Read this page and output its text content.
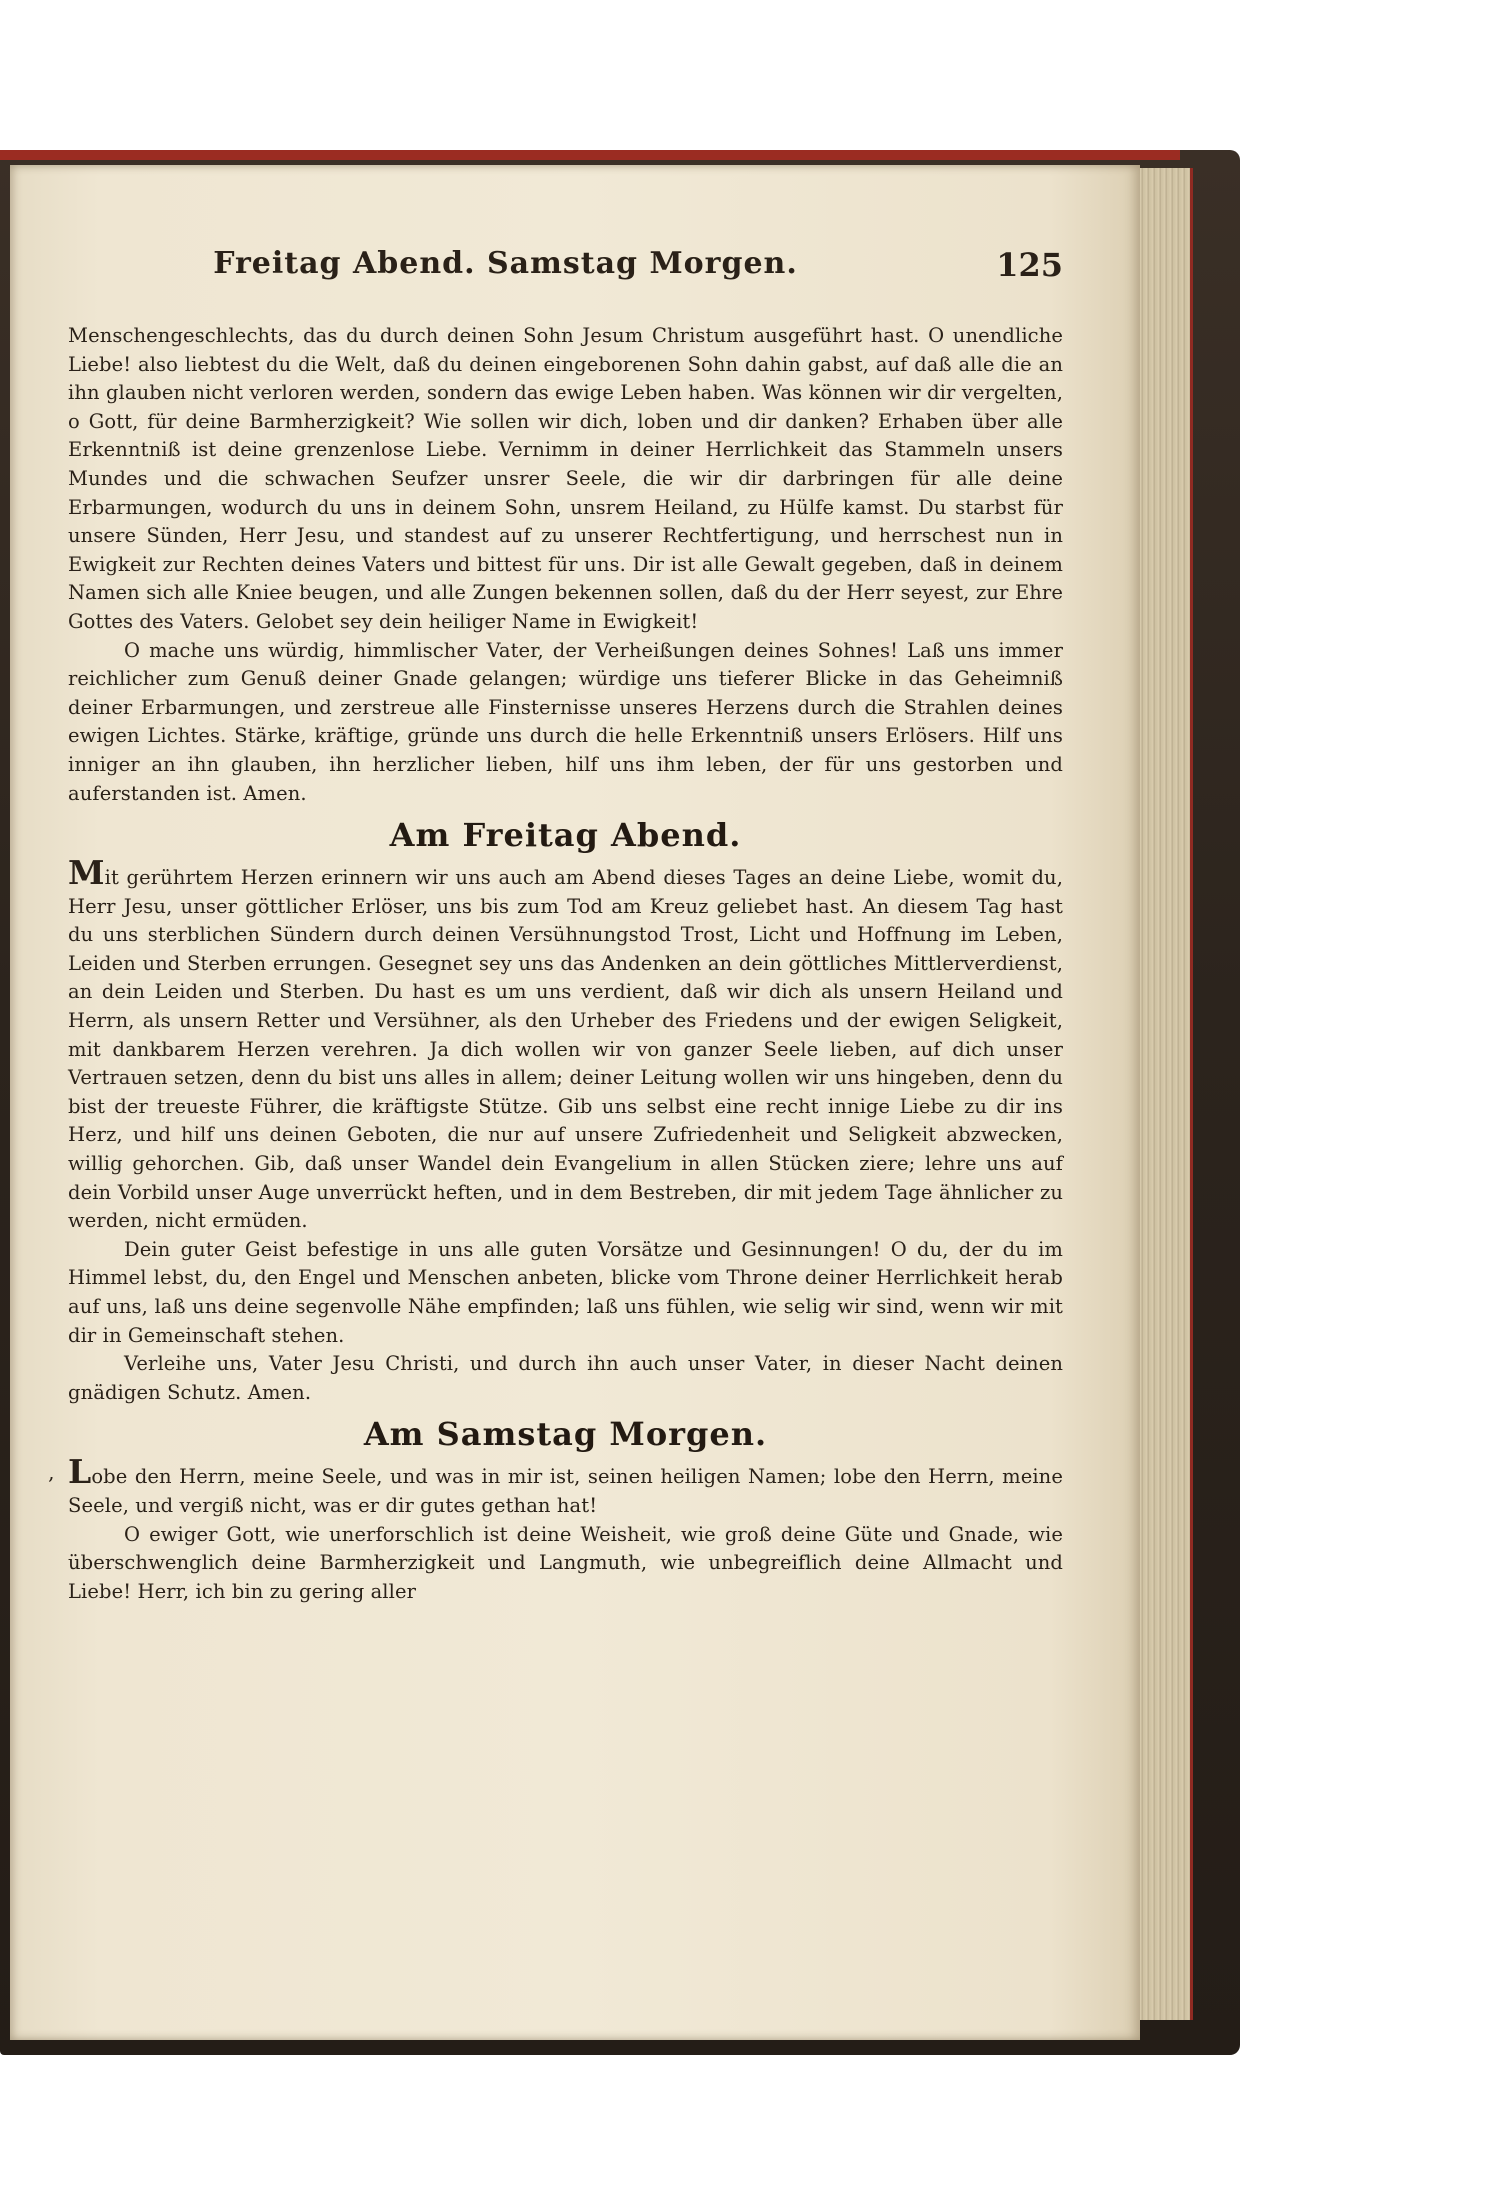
Freitag Abend. Samstag Morgen.	125
‚

Menschengeschlechts, das du durch deinen Sohn Jesum Christum ausgeführt hast. O unendliche Liebe! also liebtest du die Welt, daß du deinen eingeborenen Sohn dahin gabst, auf daß alle die an ihn glauben nicht verloren werden, sondern das ewige Leben haben. Was können wir dir vergelten, o Gott, für deine Barmherzigkeit? Wie sollen wir dich, loben und dir danken? Erhaben über alle Erkenntniß ist deine grenzenlose Liebe. Vernimm in deiner Herrlichkeit das Stammeln unsers Mundes und die schwachen Seufzer unsrer Seele, die wir dir darbringen für alle deine Erbarmungen, wodurch du uns in deinem Sohn, unsrem Heiland, zu Hülfe kamst. Du starbst für unsere Sünden, Herr Jesu, und standest auf zu unserer Rechtfertigung, und herrschest nun in Ewigkeit zur Rechten deines Vaters und bittest für uns. Dir ist alle Gewalt gegeben, daß in deinem Namen sich alle Kniee beugen, und alle Zungen bekennen sollen, daß du der Herr seyest, zur Ehre Gottes des Vaters. Gelobet sey dein heiliger Name in Ewigkeit!

O mache uns würdig, himmlischer Vater, der Verheißungen deines Sohnes! Laß uns immer reichlicher zum Genuß deiner Gnade gelangen; würdige uns tieferer Blicke in das Geheimniß deiner Erbarmungen, und zerstreue alle Finsternisse unseres Herzens durch die Strahlen deines ewigen Lichtes. Stärke, kräftige, gründe uns durch die helle Erkenntniß unsers Erlösers. Hilf uns inniger an ihn glauben, ihn herzlicher lieben, hilf uns ihm leben, der für uns gestorben und auferstanden ist. Amen.

Am Freitag Abend.

Mit gerührtem Herzen erinnern wir uns auch am Abend dieses Tages an deine Liebe, womit du, Herr Jesu, unser göttlicher Erlöser, uns bis zum Tod am Kreuz geliebet hast. An diesem Tag hast du uns sterblichen Sündern durch deinen Versühnungstod Trost, Licht und Hoffnung im Leben, Leiden und Sterben errungen. Gesegnet sey uns das Andenken an dein göttliches Mittlerverdienst, an dein Leiden und Sterben. Du hast es um uns verdient, daß wir dich als unsern Heiland und Herrn, als unsern Retter und Versühner, als den Urheber des Friedens und der ewigen Seligkeit, mit dankbarem Herzen verehren. Ja dich wollen wir von ganzer Seele lieben, auf dich unser Vertrauen setzen, denn du bist uns alles in allem; deiner Leitung wollen wir uns hingeben, denn du bist der treueste Führer, die kräftigste Stütze. Gib uns selbst eine recht innige Liebe zu dir ins Herz, und hilf uns deinen Geboten, die nur auf unsere Zufriedenheit und Seligkeit abzwecken, willig gehorchen. Gib, daß unser Wandel dein Evangelium in allen Stücken ziere; lehre uns auf dein Vorbild unser Auge unverrückt heften, und in dem Bestreben, dir mit jedem Tage ähnlicher zu werden, nicht ermüden.

Dein guter Geist befestige in uns alle guten Vorsätze und Gesinnungen! O du, der du im Himmel lebst, du, den Engel und Menschen anbeten, blicke vom Throne deiner Herrlichkeit herab auf uns, laß uns deine segenvolle Nähe empfinden; laß uns fühlen, wie selig wir sind, wenn wir mit dir in Gemeinschaft stehen.

Verleihe uns, Vater Jesu Christi, und durch ihn auch unser Vater, in dieser Nacht deinen gnädigen Schutz. Amen.

Am Samstag Morgen.

Lobe den Herrn, meine Seele, und was in mir ist, seinen heiligen Namen; lobe den Herrn, meine Seele, und vergiß nicht, was er dir gutes gethan hat!

O ewiger Gott, wie unerforschlich ist deine Weisheit, wie groß deine Güte und Gnade, wie überschwenglich deine Barmherzigkeit und Langmuth, wie unbegreiflich deine Allmacht und Liebe! Herr, ich bin zu gering aller
